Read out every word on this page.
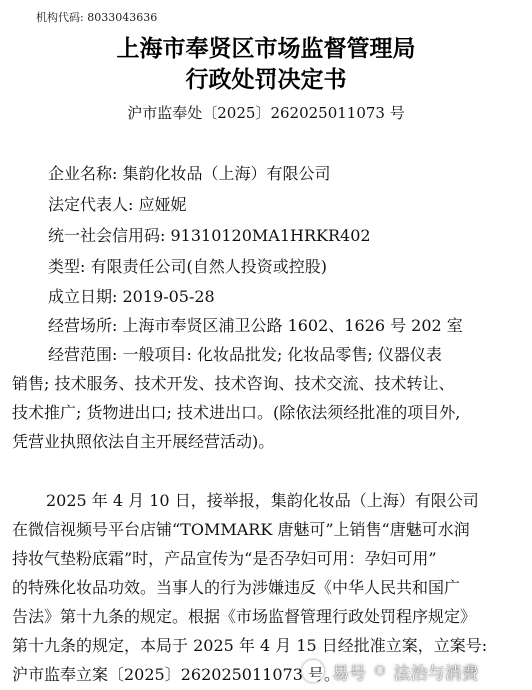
机构代码: 8033043636
上海市奉贤区市场监督管理局
行政处罚决定书
沪市监奉处〔2025〕262025011073 号
企业名称: 集韵化妆品（上海）有限公司
法定代表人: 应娅妮
统一社会信用码: 91310120MA1HRKR402
类型: 有限责任公司(自然人投资或控股)
成立日期: 2019-05-28
经营场所: 上海市奉贤区浦卫公路 1602、1626 号 202 室
经营范围: 一般项目: 化妆品批发; 化妆品零售; 仪器仪表
销售; 技术服务、技术开发、技术咨询、技术交流、技术转让、
技术推广; 货物进出口; 技术进出口。(除依法须经批准的项目外,
凭营业执照依法自主开展经营活动)。
2025 年 4 月 10 日，接举报，集韵化妆品（上海）有限公司
在微信视频号平台店铺“TOMMARK 唐魅可”上销售“唐魅可水润
持妆气垫粉底霜”时，产品宣传为“是否孕妇可用：孕妇可用”
的特殊化妆品功效。当事人的行为涉嫌违反《中华人民共和国广
告法》第十九条的规定。根据《市场监督管理行政处罚程序规定》
第十九条的规定，本局于 2025 年 4 月 15 日经批准立案，立案号:
沪市监奉立案〔2025〕262025011073 号。
易号 ⚇ 法治与消费
